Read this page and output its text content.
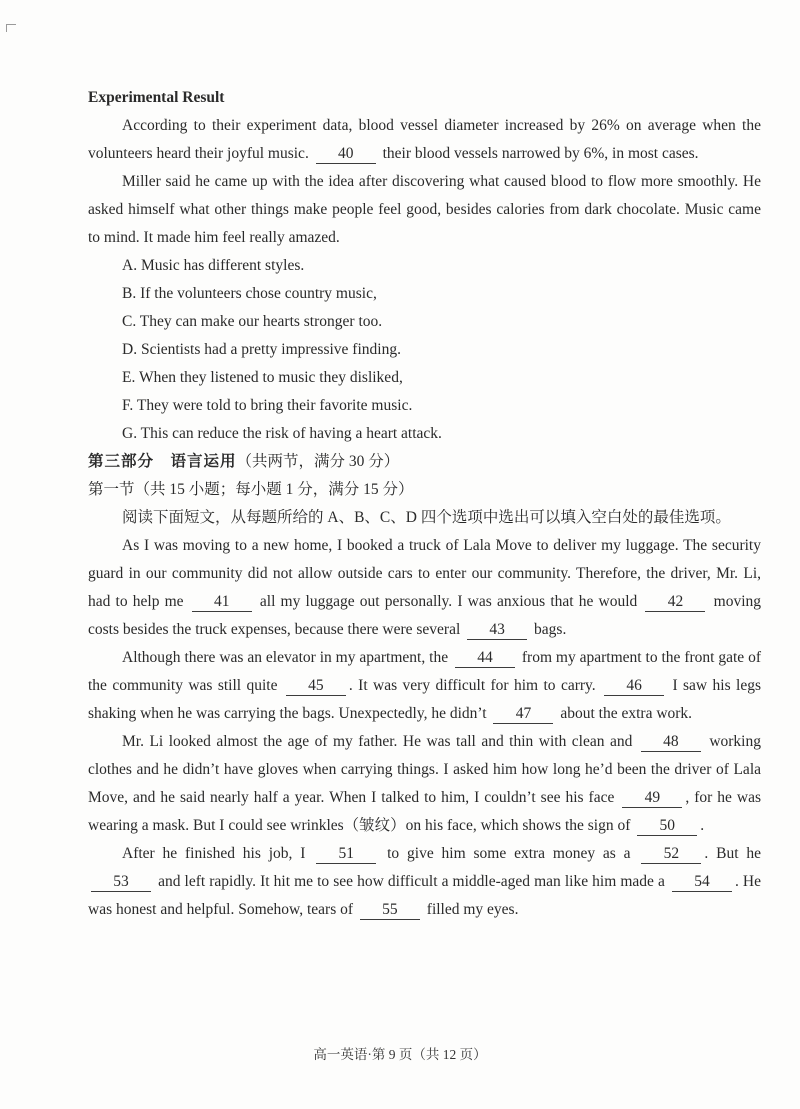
Experimental Result

According to their experiment data, blood vessel diameter increased by 26% on average when the volunteers heard their joyful music. 40 their blood vessels narrowed by 6%, in most cases.

Miller said he came up with the idea after discovering what caused blood to flow more smoothly. He asked himself what other things make people feel good, besides calories from dark chocolate. Music came to mind. It made him feel really amazed.

A. Music has different styles.
B. If the volunteers chose country music,
C. They can make our hearts stronger too.
D. Scientists had a pretty impressive finding.
E. When they listened to music they disliked,
F. They were told to bring their favorite music.
G. This can reduce the risk of having a heart attack.

第三部分　语言运用（共两节，满分 30 分）

第一节（共 15 小题；每小题 1 分，满分 15 分）

阅读下面短文，从每题所给的 A、B、C、D 四个选项中选出可以填入空白处的最佳选项。

As I was moving to a new home, I booked a truck of Lala Move to deliver my luggage. The security guard in our community did not allow outside cars to enter our community. Therefore, the driver, Mr. Li, had to help me 41 all my luggage out personally. I was anxious that he would 42 moving costs besides the truck expenses, because there were several 43 bags.

Although there was an elevator in my apartment, the 44 from my apartment to the front gate of the community was still quite 45 . It was very difficult for him to carry. 46 I saw his legs shaking when he was carrying the bags. Unexpectedly, he didn’t 47 about the extra work.

Mr. Li looked almost the age of my father. He was tall and thin with clean and 48 working clothes and he didn’t have gloves when carrying things. I asked him how long he’d been the driver of Lala Move, and he said nearly half a year. When I talked to him, I couldn’t see his face 49 , for he was wearing a mask. But I could see wrinkles（皱纹）on his face, which shows the sign of 50 .

After he finished his job, I 51 to give him some extra money as a 52 . But he 53 and left rapidly. It hit me to see how difficult a middle-aged man like him made a 54 . He was honest and helpful. Somehow, tears of 55 filled my eyes.

高一英语·第 9 页（共 12 页）
